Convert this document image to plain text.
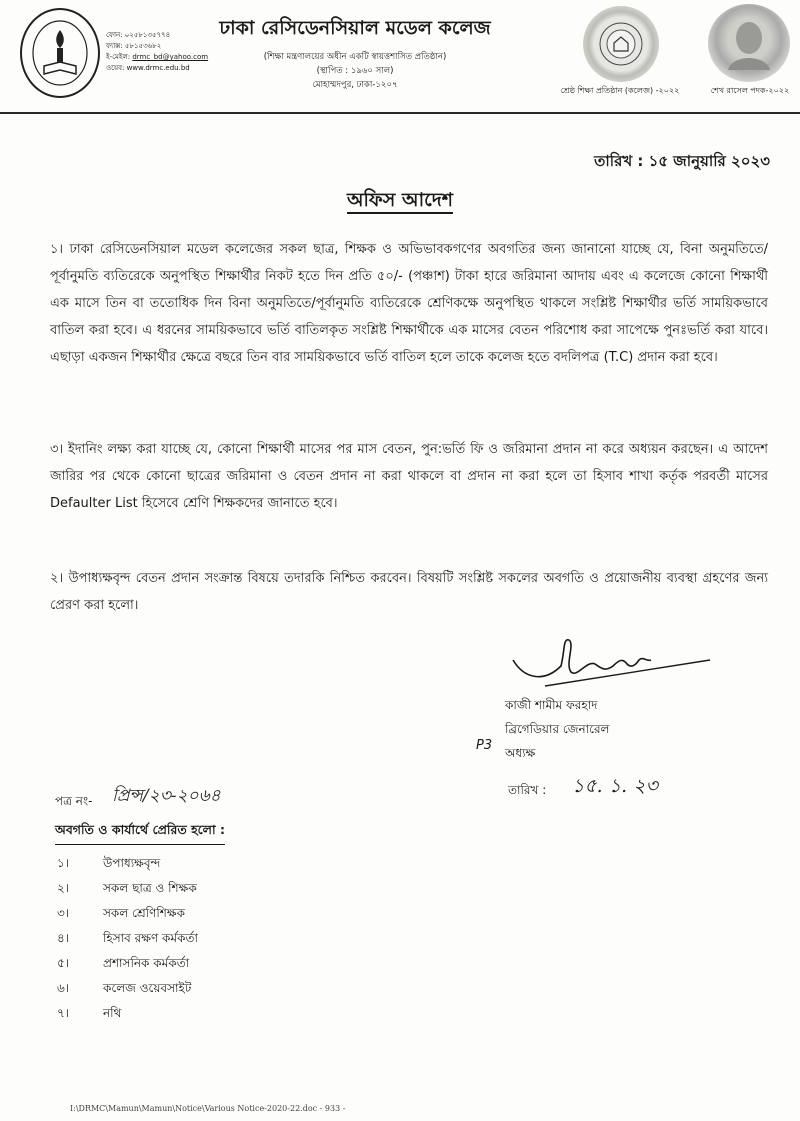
ফোন: ০২৫৮১৩৫৭৭৪
ফ্যাক্স: ৫৮১৫৩৬৮২
ই-মেইল: drmc_bd@yahoo.com
ওয়েব: www.drmc.edu.bd
ঢাকা রেসিডেনসিয়াল মডেল কলেজ
(শিক্ষা মন্ত্রণালয়ের অধীন একটি স্বায়ত্তশাসিত প্রতিষ্ঠান)
(স্থাপিত : ১৯৬০ সাল)
মোহাম্মদপুর, ঢাকা-১২০৭
শ্রেষ্ঠ শিক্ষা প্রতিষ্ঠান (কলেজ) -২০২২	শেখ রাসেল পদক-২০২২
তারিখ : ১৫ জানুয়ারি ২০২৩
অফিস আদেশ

১। ঢাকা রেসিডেনসিয়াল মডেল কলেজের সকল ছাত্র, শিক্ষক ও অভিভাবকগণের অবগতির জন্য জানানো যাচ্ছে যে, বিনা অনুমতিতে/পূর্বানুমতি ব্যতিরেকে অনুপস্থিত শিক্ষার্থীর নিকট হতে দিন প্রতি ৫০/- (পঞ্চাশ) টাকা হারে জরিমানা আদায় এবং এ কলেজে কোনো শিক্ষার্থী এক মাসে তিন বা ততোধিক দিন বিনা অনুমতিতে/পূর্বানুমতি ব্যতিরেকে শ্রেণিকক্ষে অনুপস্থিত থাকলে সংশ্লিষ্ট শিক্ষার্থীর ভর্তি সাময়িকভাবে বাতিল করা হবে। এ ধরনের সাময়িকভাবে ভর্তি বাতিলকৃত সংশ্লিষ্ট শিক্ষার্থীকে এক মাসের বেতন পরিশোধ করা সাপেক্ষে পুনঃভর্তি করা যাবে। এছাড়া একজন শিক্ষার্থীর ক্ষেত্রে বছরে তিন বার সাময়িকভাবে ভর্তি বাতিল হলে তাকে কলেজ হতে বদলিপত্র (T.C) প্রদান করা হবে।

৩। ইদানিং লক্ষ্য করা যাচ্ছে যে, কোনো শিক্ষার্থী মাসের পর মাস বেতন, পুন:ভর্তি ফি ও জরিমানা প্রদান না করে অধ্যয়ন করছেন। এ আদেশ জারির পর থেকে কোনো ছাত্রের জরিমানা ও বেতন প্রদান না করা থাকলে বা প্রদান না করা হলে তা হিসাব শাখা কর্তৃক পরবর্তী মাসের Defaulter List হিসেবে শ্রেণি শিক্ষকদের জানাতে হবে।

২। উপাধ্যক্ষবৃন্দ বেতন প্রদান সংক্রান্ত বিষয়ে তদারকি নিশ্চিত করবেন। বিষয়টি সংশ্লিষ্ট সকলের অবগতি ও প্রয়োজনীয় ব্যবস্থা গ্রহণের জন্য প্রেরণ করা হলো।

কাজী শামীম ফরহাদ
ব্রিগেডিয়ার জেনারেল
অধ্যক্ষ
P3
পত্র নং- প্রিন্স/২৩-২০৬৪	তারিখ : ১৫. ১. ২৩
অবগতি ও কার্যার্থে প্রেরিত হলো :
১।	উপাধ্যক্ষবৃন্দ
২।	সকল ছাত্র ও শিক্ষক
৩।	সকল শ্রেণিশিক্ষক
৪।	হিসাব রক্ষণ কর্মকর্তা
৫।	প্রশাসনিক কর্মকর্তা
৬।	কলেজ ওয়েবসাইট
৭।	নথি
I:\DRMC\Mamun\Mamun\Notice\Various Notice-2020-22.doc - 933 -
